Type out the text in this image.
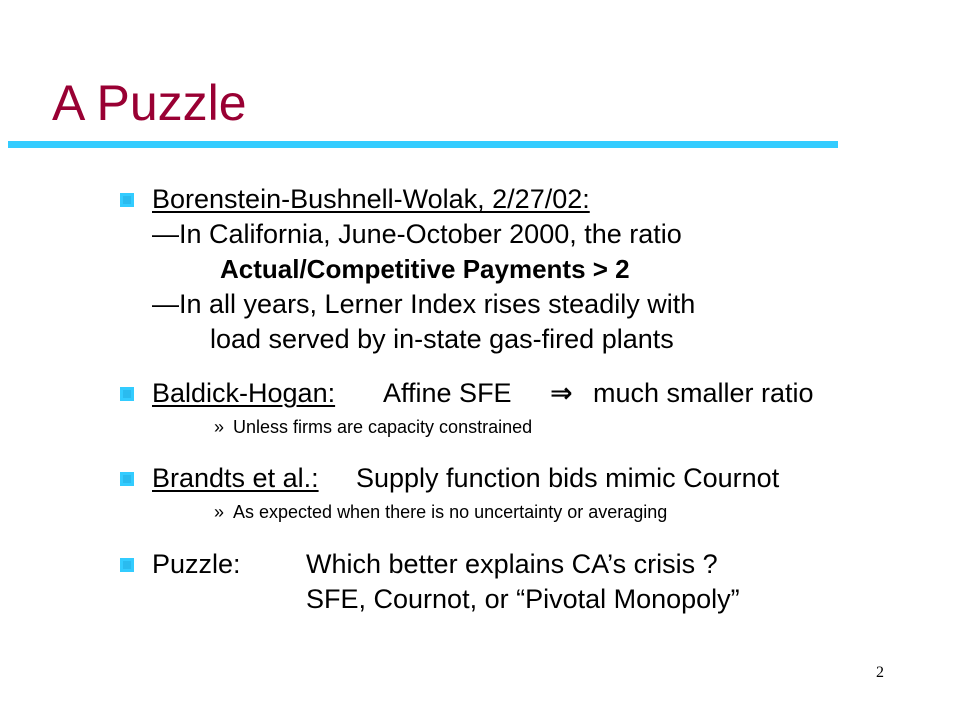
A Puzzle
Borenstein-Bushnell-Wolak, 2/27/02:
—In California, June-October 2000, the ratio
Actual/Competitive Payments > 2
—In all years, Lerner Index rises steadily with
load served by in-state gas-fired plants
Baldick-Hogan: Affine SFE ⇒ much smaller ratio
» Unless firms are capacity constrained
Brandts et al.: Supply function bids mimic Cournot
» As expected when there is no uncertainty or averaging
Puzzle: Which better explains CA’s crisis ?
SFE, Cournot, or “Pivotal Monopoly”
2
